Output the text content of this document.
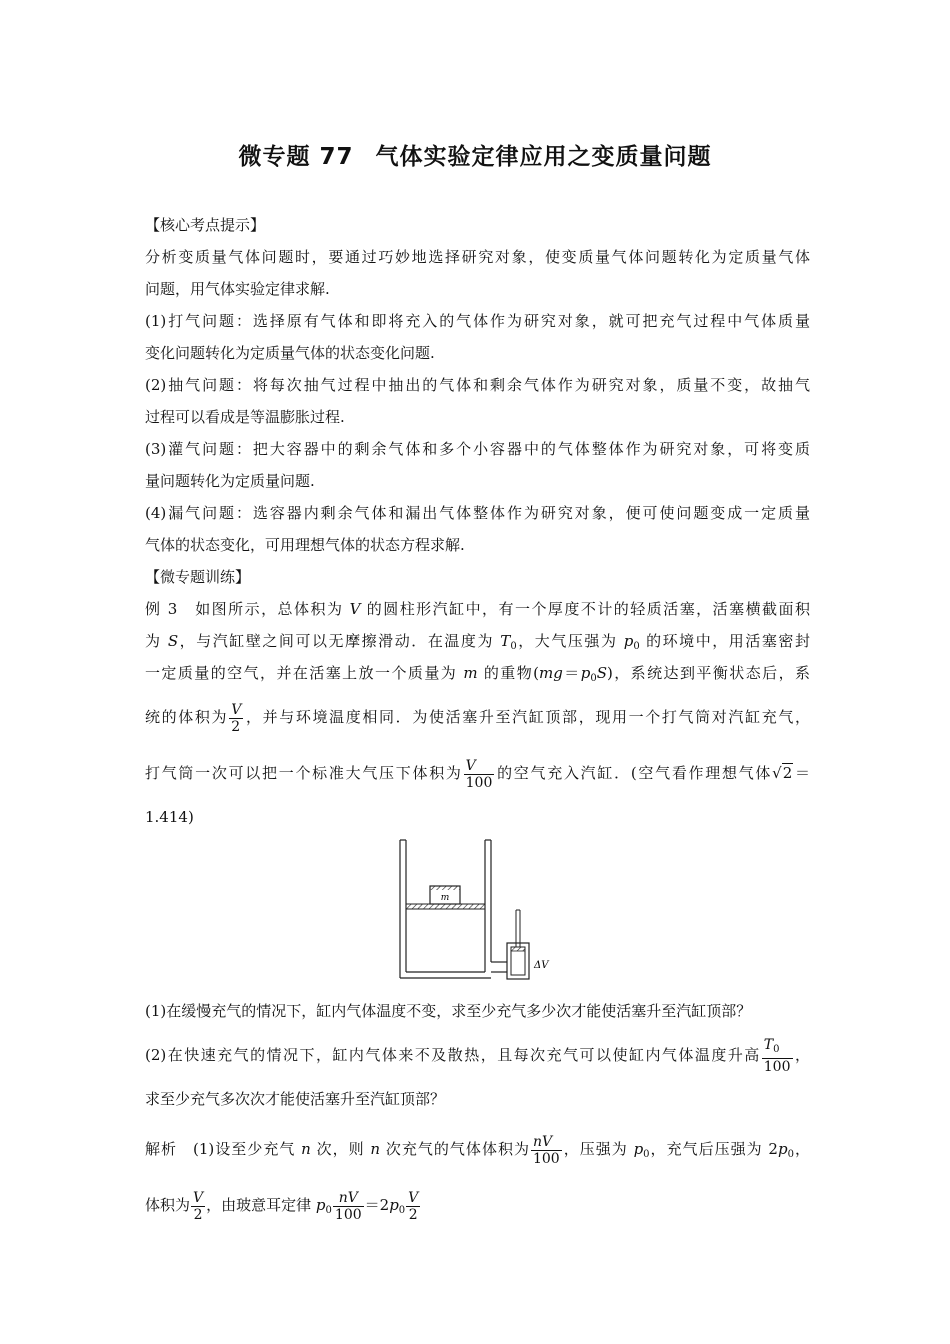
微专题 77 气体实验定律应用之变质量问题
【核心考点提示】
分析变质量气体问题时，要通过巧妙地选择研究对象，使变质量气体问题转化为定质量气体
问题，用气体实验定律求解.
(1)打气问题：选择原有气体和即将充入的气体作为研究对象，就可把充气过程中气体质量
变化问题转化为定质量气体的状态变化问题.
(2)抽气问题：将每次抽气过程中抽出的气体和剩余气体作为研究对象，质量不变，故抽气
过程可以看成是等温膨胀过程.
(3)灌气问题：把大容器中的剩余气体和多个小容器中的气体整体作为研究对象，可将变质
量问题转化为定质量问题.
(4)漏气问题：选容器内剩余气体和漏出气体整体作为研究对象，便可使问题变成一定质量
气体的状态变化，可用理想气体的状态方程求解.
【微专题训练】
例 3　如图所示，总体积为 V 的圆柱形汽缸中，有一个厚度不计的轻质活塞，活塞横截面积
为 S，与汽缸壁之间可以无摩擦滑动．在温度为 $T_0$，大气压强为 $p_0$ 的环境中，用活塞密封
一定质量的空气，并在活塞上放一个质量为 m 的重物$(mg=p_0S)$，系统达到平衡状态后，系
统的体积为 $\frac{V}{2}$ ，并与环境温度相同．为使活塞升至汽缸顶部，现用一个打气筒对汽缸充气，
打气筒一次可以把一个标准大气压下体积为 $\frac{V}{100}$ 的空气充入汽缸．(空气看作理想气体√2＝
1.414)
m
ΔV
(1)在缓慢充气的情况下，缸内气体温度不变，求至少充气多少次才能使活塞升至汽缸顶部？
(2)在快速充气的情况下，缸内气体来不及散热，且每次充气可以使缸内气体温度升高 $\frac{T_0}{100}$ ，
求至少充气多次次才能使活塞升至汽缸顶部？
解析　(1)设至少充气 n 次，则 n 次充气的气体体积为 $\frac{nV}{100}$ ，压强为 $p_0$，充气后压强为 $2p_0$，
体积为 $\frac{V}{2}$ ，由玻意耳定律 $p_0 \frac{nV}{100} =2p_0 \frac{V}{2}$
